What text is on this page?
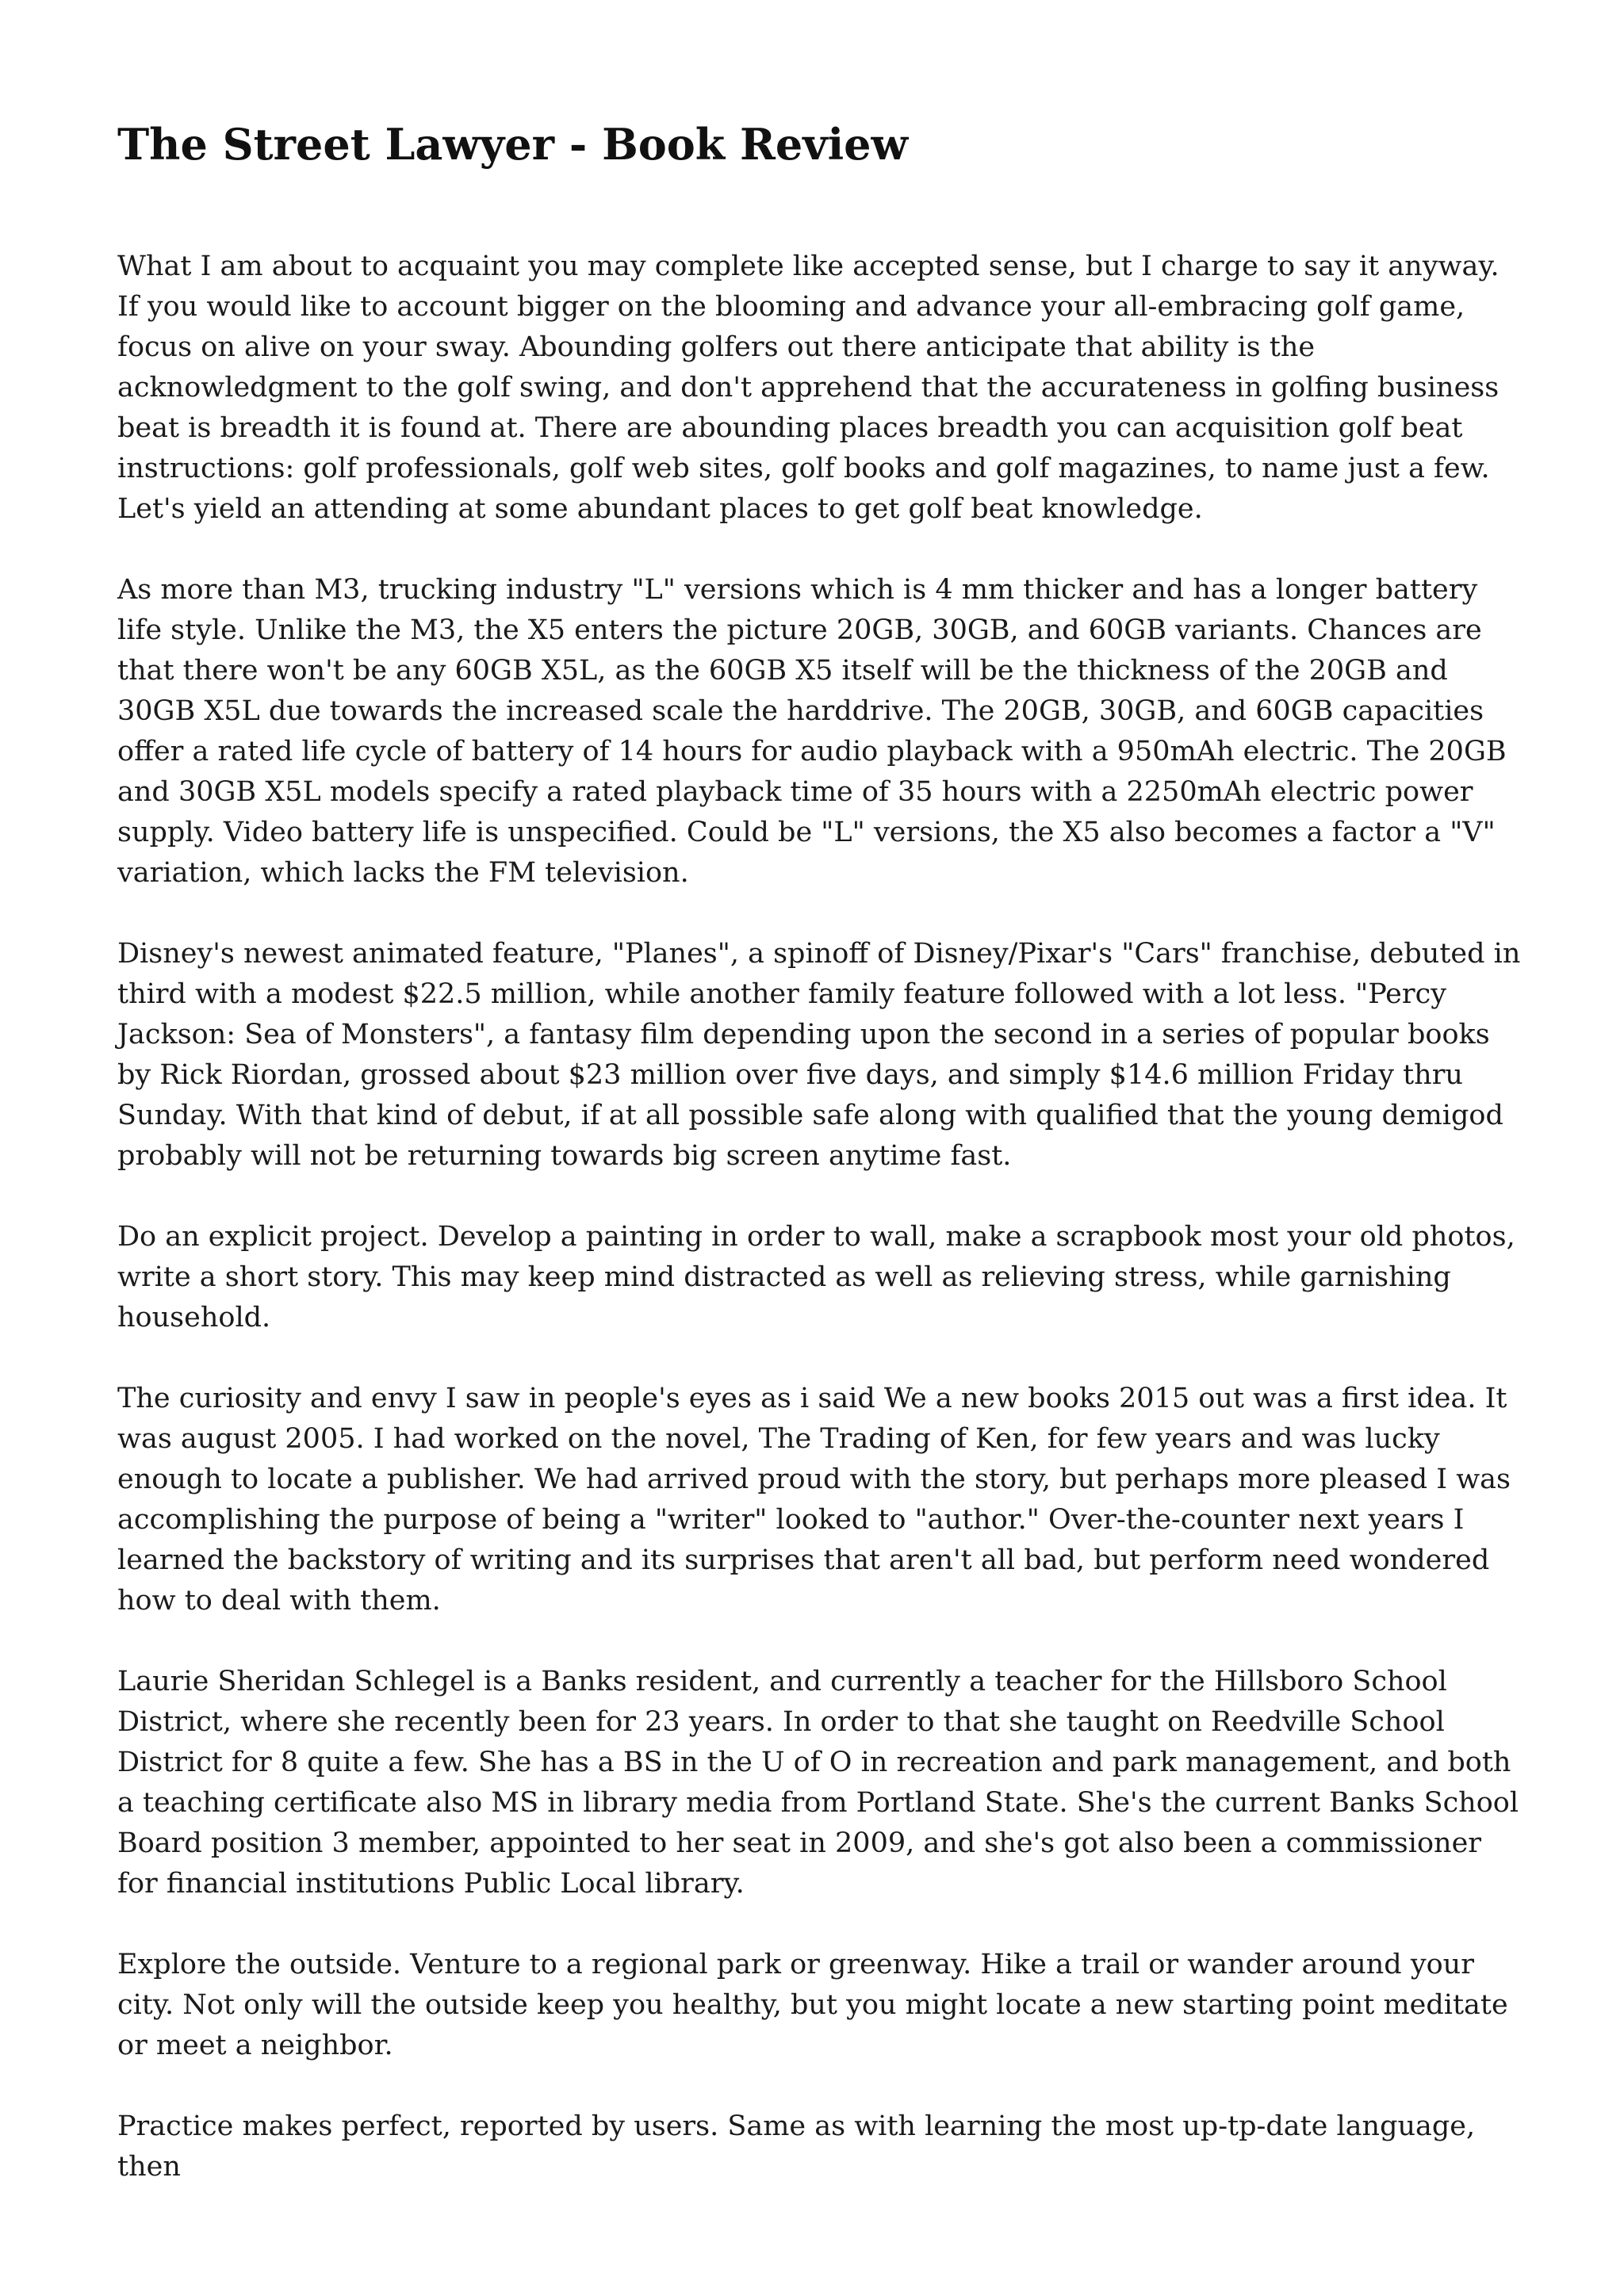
The Street Lawyer - Book Review

What I am about to acquaint you may complete like accepted sense, but I charge to say it anyway. If you would like to account bigger on the blooming and advance your all-embracing golf game, focus on alive on your sway. Abounding golfers out there anticipate that ability is the acknowledgment to the golf swing, and don't apprehend that the accurateness in golfing business beat is breadth it is found at. There are abounding places breadth you can acquisition golf beat instructions: golf professionals, golf web sites, golf books and golf magazines, to name just a few. Let's yield an attending at some abundant places to get golf beat knowledge.

As more than M3, trucking industry "L" versions which is 4 mm thicker and has a longer battery life style. Unlike the M3, the X5 enters the picture 20GB, 30GB, and 60GB variants. Chances are that there won't be any 60GB X5L, as the 60GB X5 itself will be the thickness of the 20GB and 30GB X5L due towards the increased scale the harddrive. The 20GB, 30GB, and 60GB capacities offer a rated life cycle of battery of 14 hours for audio playback with a 950mAh electric. The 20GB and 30GB X5L models specify a rated playback time of 35 hours with a 2250mAh electric power supply. Video battery life is unspecified. Could be "L" versions, the X5 also becomes a factor a "V" variation, which lacks the FM television.

Disney's newest animated feature, "Planes", a spinoff of Disney/Pixar's "Cars" franchise, debuted in third with a modest $22.5 million, while another family feature followed with a lot less. "Percy Jackson: Sea of Monsters", a fantasy film depending upon the second in a series of popular books by Rick Riordan, grossed about $23 million over five days, and simply $14.6 million Friday thru Sunday. With that kind of debut, if at all possible safe along with qualified that the young demigod probably will not be returning towards big screen anytime fast.

Do an explicit project. Develop a painting in order to wall, make a scrapbook most your old photos, write a short story. This may keep mind distracted as well as relieving stress, while garnishing household.

The curiosity and envy I saw in people's eyes as i said We a new books 2015 out was a first idea. It was august 2005. I had worked on the novel, The Trading of Ken, for few years and was lucky enough to locate a publisher. We had arrived proud with the story, but perhaps more pleased I was accomplishing the purpose of being a "writer" looked to "author." Over-the-counter next years I learned the backstory of writing and its surprises that aren't all bad, but perform need wondered how to deal with them.

Laurie Sheridan Schlegel is a Banks resident, and currently a teacher for the Hillsboro School District, where she recently been for 23 years. In order to that she taught on Reedville School District for 8 quite a few. She has a BS in the U of O in recreation and park management, and both a teaching certificate also MS in library media from Portland State. She's the current Banks School Board position 3 member, appointed to her seat in 2009, and she's got also been a commissioner for financial institutions Public Local library.

Explore the outside. Venture to a regional park or greenway. Hike a trail or wander around your city. Not only will the outside keep you healthy, but you might locate a new starting point meditate or meet a neighbor.

Practice makes perfect, reported by users. Same as with learning the most up-tp-date language, then
